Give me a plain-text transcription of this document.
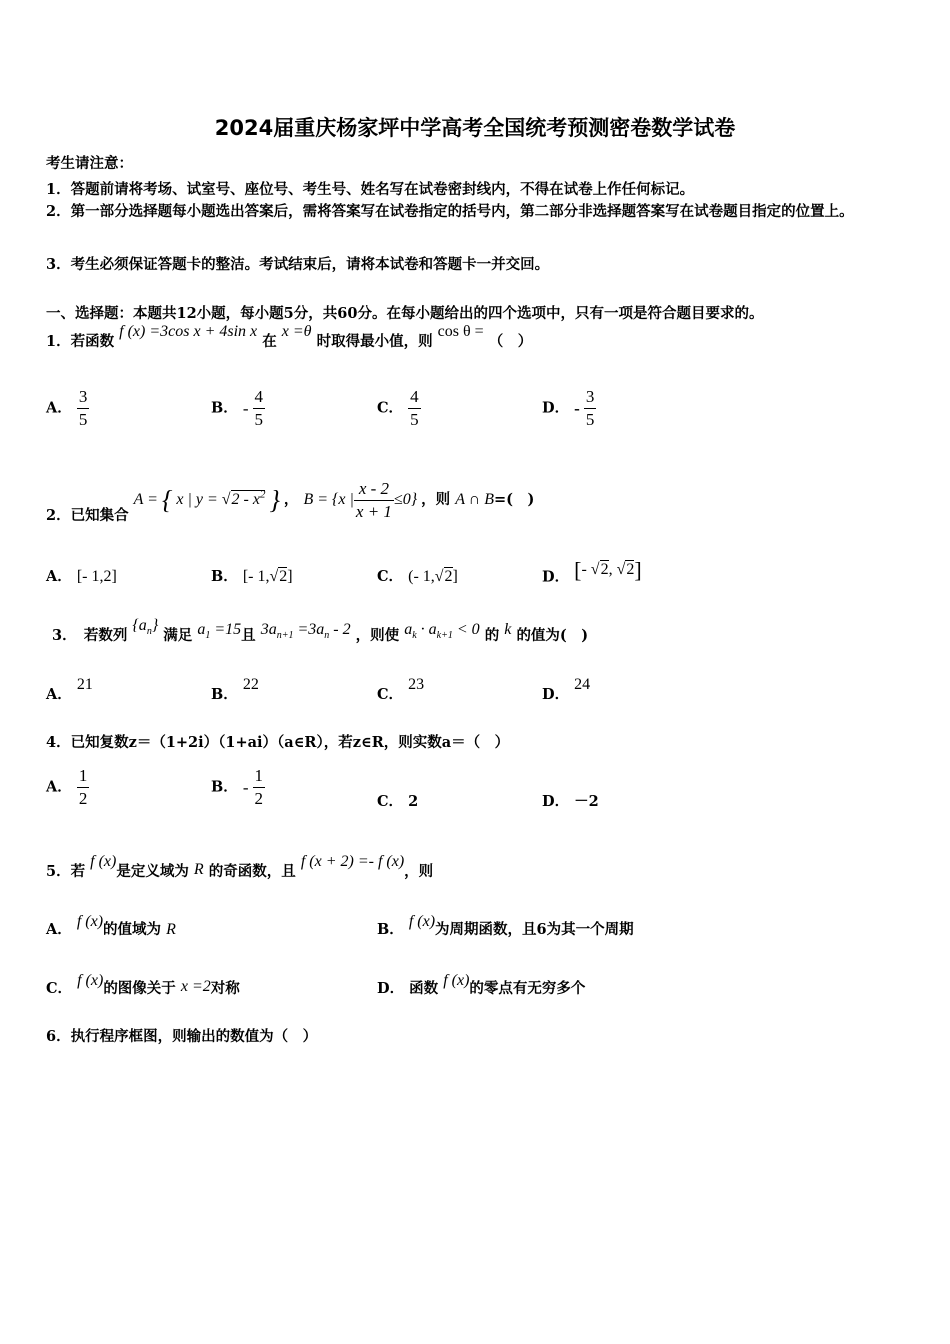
2024届重庆杨家坪中学高考全国统考预测密卷数学试卷
考生请注意：
1．答题前请将考场、试室号、座位号、考生号、姓名写在试卷密封线内，不得在试卷上作任何标记。
2．第一部分选择题每小题选出答案后，需将答案写在试卷指定的括号内，第二部分非选择题答案写在试卷题目指定的位置上。
3．考生必须保证答题卡的整洁。考试结束后，请将本试卷和答题卡一并交回。
一、选择题：本题共12小题，每小题5分，共60分。在每小题给出的四个选项中，只有一项是符合题目要求的。
1．若函数 f (x) =3cos x + 4sin x 在 x =θ 时取得最小值，则 cos θ = （　）
A． $\frac{3}{5}$	B． - $\frac{4}{5}$	C． $\frac{4}{5}$	D． - $\frac{3}{5}$
2．已知集合 A = { x | $y = √2 - x^2$ } ， B = {x | $\frac{x - 2}{x + 1} \le 0$} ，则 A ∩ B=(　)
A． [- 1,2]	B． [- 1,√2]	C． (- 1,√2]	D． [- √2, √2]
3．　若数列 $\{a_n\}$ 满足 $a_1 =15$且 $3a_{n+1} =3a_n - 2$ ，则使 $a_k \cdot a_{k+1} < 0$ 的 k 的值为(　)
A． 21
B． 22
C． 23
D． 24
4．已知复数z＝（1+2i）（1+ai）（a∈R），若z∈R，则实数a＝（　）
A． $\frac{1}{2}$	B． - $\frac{1}{2}$	C． 2	D． －2
5．若 f (x)是定义域为 R 的奇函数，且 f (x + 2) =- f (x)，则
A． f (x)的值域为 R	B． f (x)为周期函数，且6为其一个周期
C． f (x)的图像关于 x =2对称	D． 函数 f (x)的零点有无穷多个
6．执行程序框图，则输出的数值为（　）
